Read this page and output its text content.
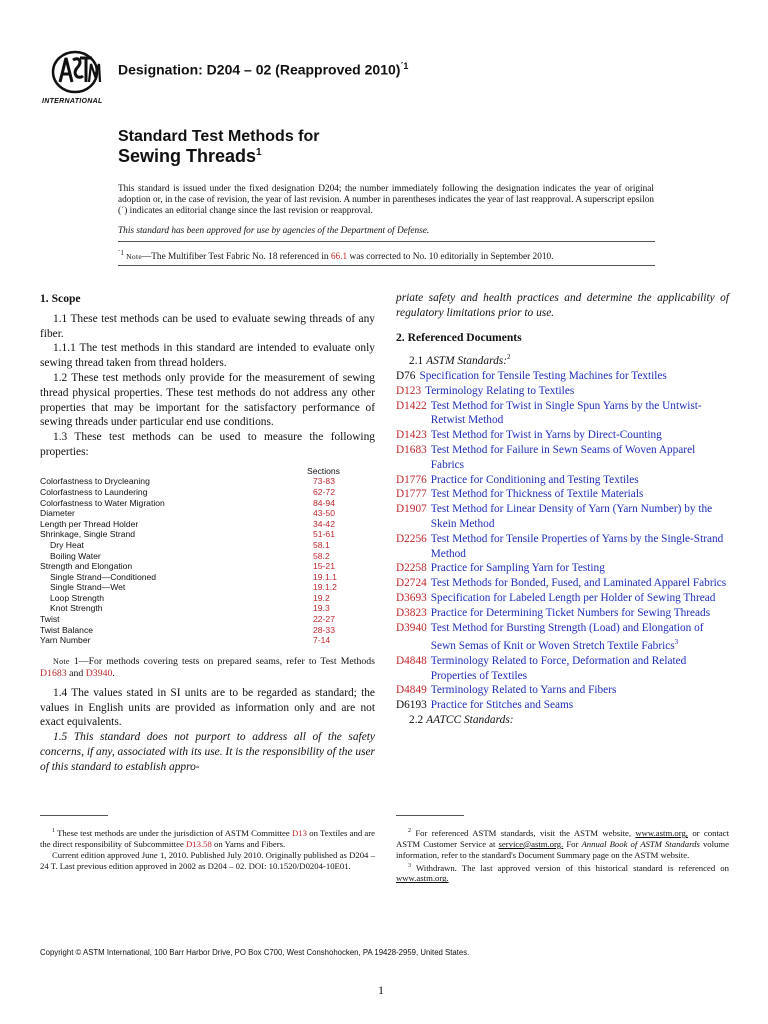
INTERNATIONAL
Designation: D204 – 02 (Reapproved 2010)$^{´1}$
Standard Test Methods for
Sewing Threads$^1$
This standard is issued under the fixed designation D204; the number immediately following the designation indicates the year of original adoption or, in the case of revision, the year of last revision. A number in parentheses indicates the year of last reapproval. A superscript epsilon (´) indicates an editorial change since the last revision or reapproval.
This standard has been approved for use by agencies of the Department of Defense.
$^{´1}$ Note—The Multifiber Test Fabric No. 18 referenced in 66.1 was corrected to No. 10 editorially in September 2010.
1. Scope

1.1 These test methods can be used to evaluate sewing threads of any fiber.

1.1.1 The test methods in this standard are intended to evaluate only sewing thread taken from thread holders.

1.2 These test methods only provide for the measurement of sewing thread physical properties. These test methods do not address any other properties that may be important for the satisfactory performance of sewing threads under particular end use conditions.

1.3 These test methods can be used to measure the following properties:

Sections
Colorfastness to Drycleaning	73-83
Colorfastness to Laundering	62-72
Colorfastness to Water Migration	84-94
Diameter	43-50
Length per Thread Holder	34-42
Shrinkage, Single Strand	51-61
Dry Heat	58.1
Boiling Water	58.2
Strength and Elongation	15-21
Single Strand—Conditioned	19.1.1
Single Strand—Wet	19.1.2
Loop Strength	19.2
Knot Strength	19.3
Twist	22-27
Twist Balance	28-33
Yarn Number	7-14
Note 1—For methods covering tests on prepared seams, refer to Test Methods D1683 and D3940.

1.4 The values stated in SI units are to be regarded as standard; the values in English units are provided as information only and are not exact equivalents.

1.5 This standard does not purport to address all of the safety concerns, if any, associated with its use. It is the responsibility of the user of this standard to establish appro-

priate safety and health practices and determine the applicability of regulatory limitations prior to use.

2. Referenced Documents
2.1 ASTM Standards:$^2$
D76 Specification for Tensile Testing Machines for Textiles
D123 Terminology Relating to Textiles
D1422 Test Method for Twist in Single Spun Yarns by the Untwist-Retwist Method
D1423 Test Method for Twist in Yarns by Direct-Counting
D1683 Test Method for Failure in Sewn Seams of Woven Apparel Fabrics
D1776 Practice for Conditioning and Testing Textiles
D1777 Test Method for Thickness of Textile Materials
D1907 Test Method for Linear Density of Yarn (Yarn Number) by the Skein Method
D2256 Test Method for Tensile Properties of Yarns by the Single-Strand Method
D2258 Practice for Sampling Yarn for Testing
D2724 Test Methods for Bonded, Fused, and Laminated Apparel Fabrics
D3693 Specification for Labeled Length per Holder of Sewing Thread
D3823 Practice for Determining Ticket Numbers for Sewing Threads
D3940 Test Method for Bursting Strength (Load) and Elongation of Sewn Semas of Knit or Woven Stretch Textile Fabrics$^3$
D4848 Terminology Related to Force, Deformation and Related Properties of Textiles
D4849 Terminology Related to Yarns and Fibers
D6193 Practice for Stitches and Seams
2.2 AATCC Standards:

$^1$ These test methods are under the jurisdiction of ASTM Committee D13 on Textiles and are the direct responsibility of Subcommittee D13.58 on Yarns and Fibers.

Current edition approved June 1, 2010. Published July 2010. Originally published as D204 – 24 T. Last previous edition approved in 2002 as D204 – 02. DOI: 10.1520/D0204-10E01.

$^2$ For referenced ASTM standards, visit the ASTM website, www.astm.org, or contact ASTM Customer Service at service@astm.org. For Annual Book of ASTM Standards volume information, refer to the standard's Document Summary page on the ASTM website.

$^3$ Withdrawn. The last approved version of this historical standard is referenced on www.astm.org.

Copyright © ASTM International, 100 Barr Harbor Drive, PO Box C700, West Conshohocken, PA 19428-2959, United States.
1
